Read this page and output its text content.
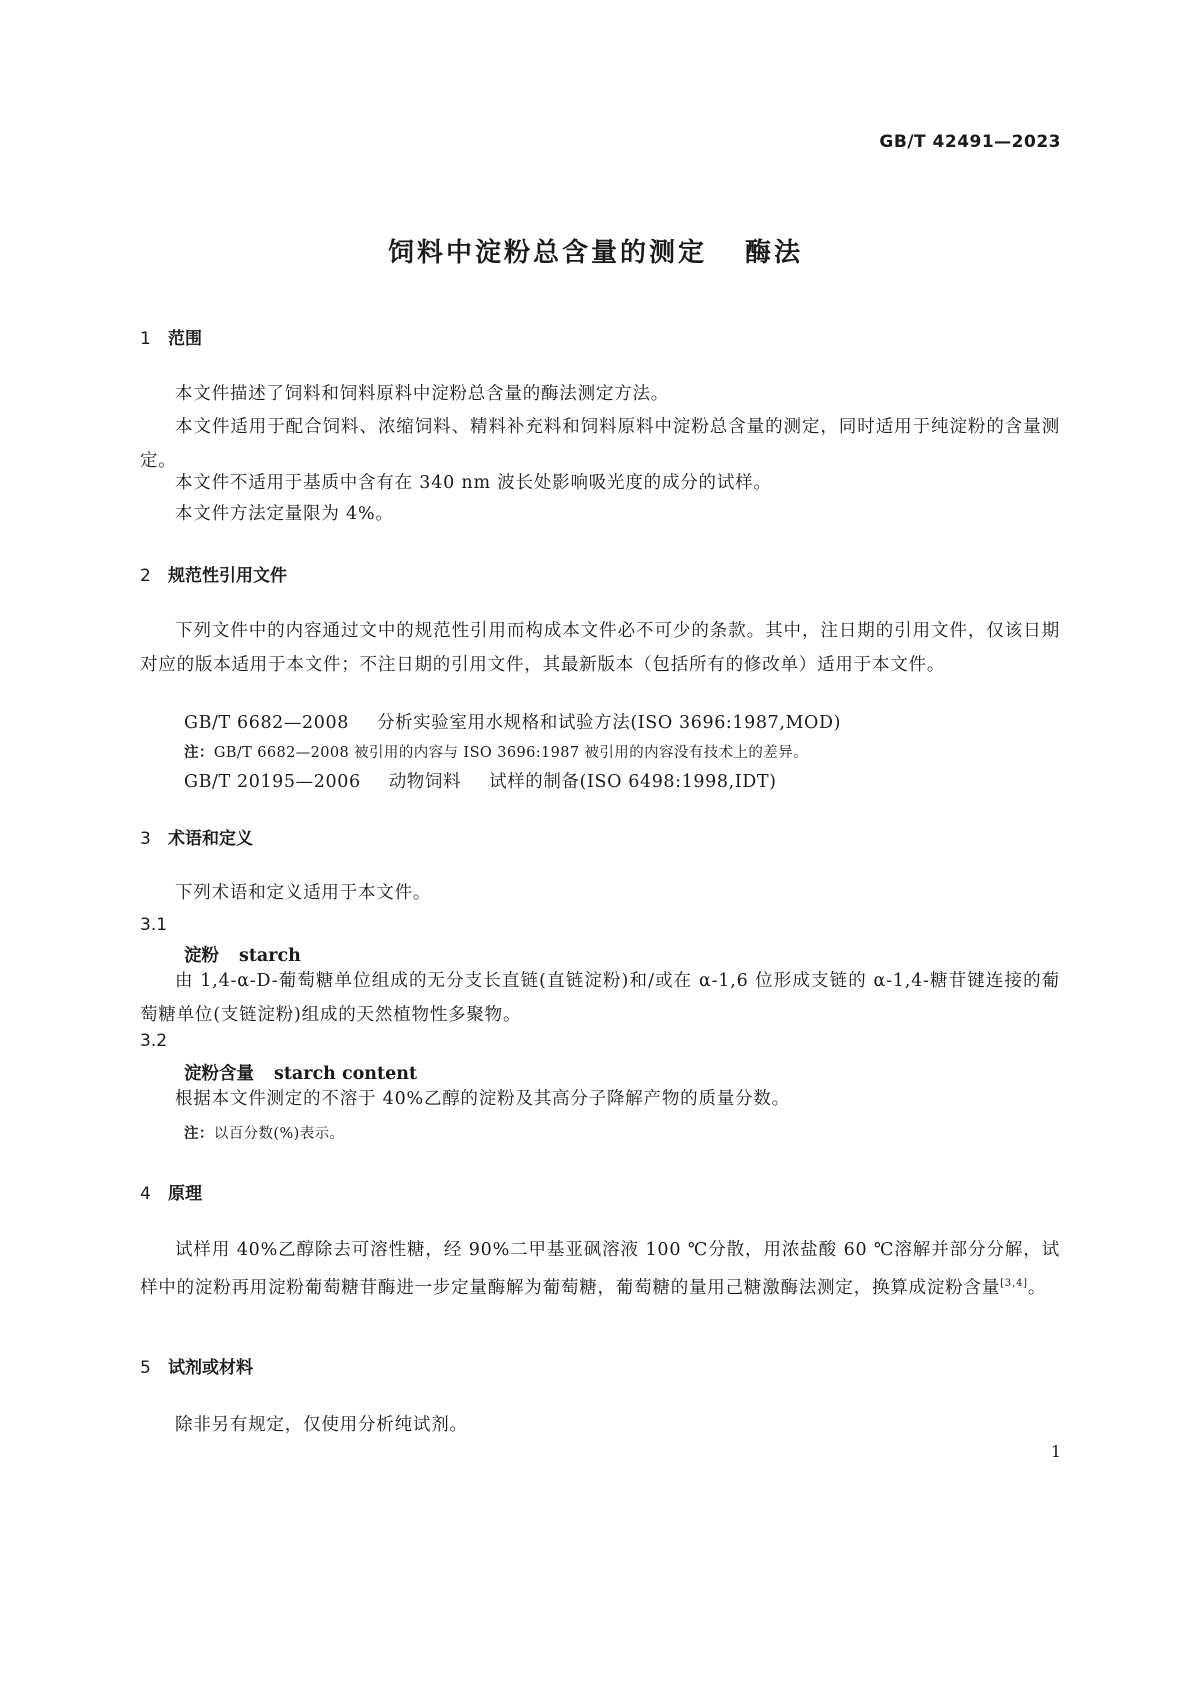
GB/T 42491—2023
饲料中淀粉总含量的测定 酶法
1 范围
本文件描述了饲料和饲料原料中淀粉总含量的酶法测定方法。
本文件适用于配合饲料、浓缩饲料、精料补充料和饲料原料中淀粉总含量的测定，同时适用于纯淀粉的含量测定。
本文件不适用于基质中含有在 340 nm 波长处影响吸光度的成分的试样。
本文件方法定量限为 4%。
2 规范性引用文件
下列文件中的内容通过文中的规范性引用而构成本文件必不可少的条款。其中，注日期的引用文件，仅该日期对应的版本适用于本文件；不注日期的引用文件，其最新版本（包括所有的修改单）适用于本文件。
GB/T 6682—2008 分析实验室用水规格和试验方法(ISO 3696:1987,MOD)
注：GB/T 6682—2008 被引用的内容与 ISO 3696:1987 被引用的内容没有技术上的差异。
GB/T 20195—2006 动物饲料 试样的制备(ISO 6498:1998,IDT)
3 术语和定义
下列术语和定义适用于本文件。
3.1
淀粉 starch
由 1,4-α-D-葡萄糖单位组成的无分支长直链(直链淀粉)和/或在 α-1,6 位形成支链的 α-1,4-糖苷键连接的葡萄糖单位(支链淀粉)组成的天然植物性多聚物。
3.2
淀粉含量 starch content
根据本文件测定的不溶于 40%乙醇的淀粉及其高分子降解产物的质量分数。
注：以百分数(%)表示。
4 原理
试样用 40%乙醇除去可溶性糖，经 90%二甲基亚砜溶液 100 ℃分散，用浓盐酸 60 ℃溶解并部分分解，试样中的淀粉再用淀粉葡萄糖苷酶进一步定量酶解为葡萄糖，葡萄糖的量用己糖激酶法测定，换算成淀粉含量[3,4]。
5 试剂或材料
除非另有规定，仅使用分析纯试剂。
1
